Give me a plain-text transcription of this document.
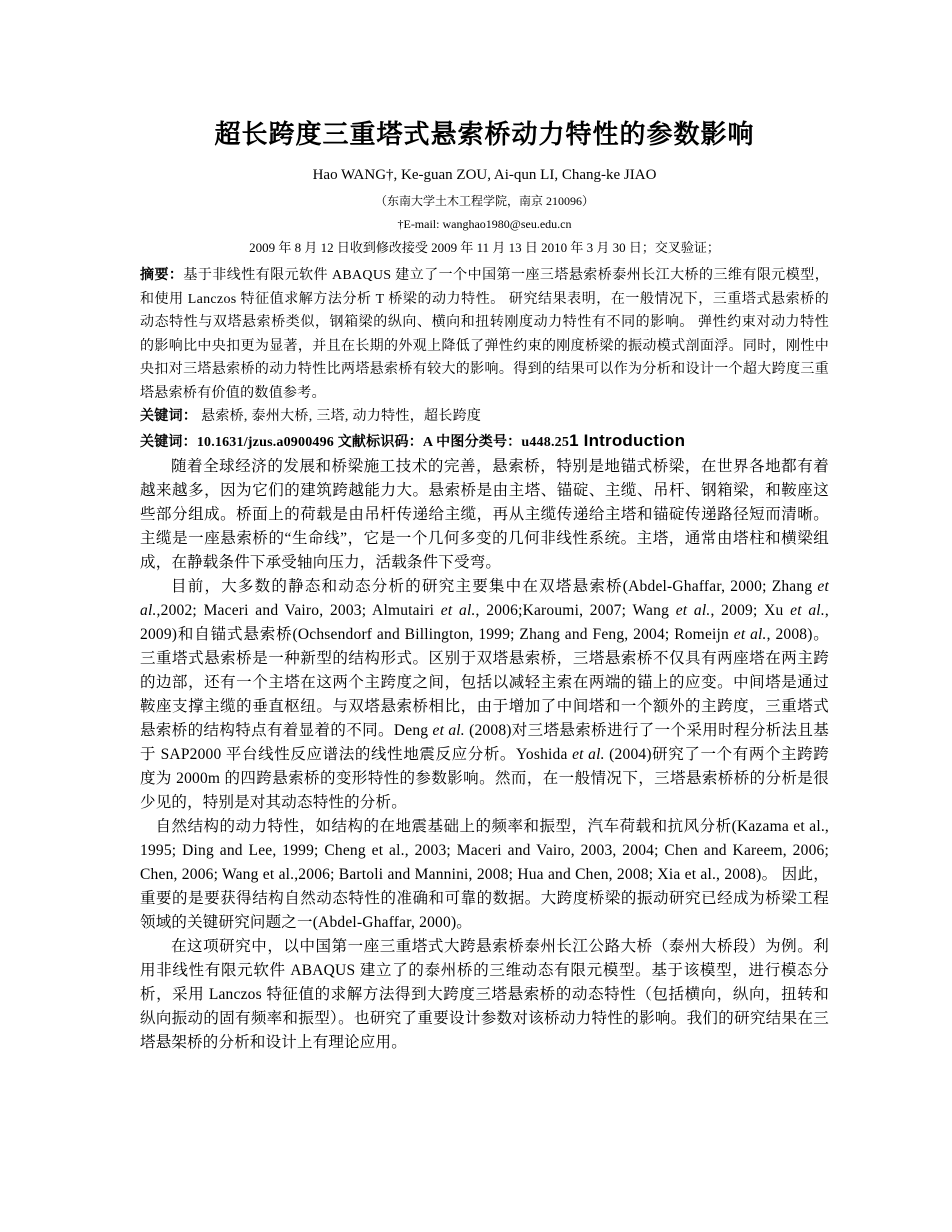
超长跨度三重塔式悬索桥动力特性的参数影响
Hao WANG†, Ke-guan ZOU, Ai-qun LI, Chang-ke JIAO
（东南大学土木工程学院，南京 210096）
†E-mail: wanghao1980@seu.edu.cn
2009 年 8 月 12 日收到修改接受 2009 年 11 月 13 日 2010 年 3 月 30 日；交叉验证；

摘要：基于非线性有限元软件 ABAQUS 建立了一个中国第一座三塔悬索桥泰州长江大桥的三维有限元模型，和使用 Lanczos 特征值求解方法分析 T 桥梁的动力特性。 研究结果表明，在一般情况下，三重塔式悬索桥的动态特性与双塔悬索桥类似，钢箱梁的纵向、横向和扭转刚度动力特性有不同的影响。 弹性约束对动力特性的影响比中央扣更为显著，并且在长期的外观上降低了弹性约束的刚度桥梁的振动模式剖面浮。同时，刚性中央扣对三塔悬索桥的动力特性比两塔悬索桥有较大的影响。得到的结果可以作为分析和设计一个超大跨度三重塔悬索桥有价值的数值参考。

关键词： 悬索桥, 泰州大桥, 三塔, 动力特性，超长跨度

关键词：10.1631/jzus.a0900496 文献标识码：A 中图分类号：u448.251 Introduction

随着全球经济的发展和桥梁施工技术的完善，悬索桥，特别是地锚式桥梁，在世界各地都有着越来越多，因为它们的建筑跨越能力大。悬索桥是由主塔、锚碇、主缆、吊杆、钢箱梁，和鞍座这些部分组成。桥面上的荷载是由吊杆传递给主缆，再从主缆传递给主塔和锚碇传递路径短而清晰。主缆是一座悬索桥的“生命线”，它是一个几何多变的几何非线性系统。主塔，通常由塔柱和横梁组成，在静载条件下承受轴向压力，活载条件下受弯。

目前，大多数的静态和动态分析的研究主要集中在双塔悬索桥(Abdel-Ghaffar, 2000; Zhang et al.,2002; Maceri and Vairo, 2003; Almutairi et al., 2006;Karoumi, 2007; Wang et al., 2009; Xu et al., 2009)和自锚式悬索桥(Ochsendorf and Billington, 1999; Zhang and Feng, 2004; Romeijn et al., 2008)。三重塔式悬索桥是一种新型的结构形式。区别于双塔悬索桥，三塔悬索桥不仅具有两座塔在两主跨的边部，还有一个主塔在这两个主跨度之间，包括以减轻主索在两端的锚上的应变。中间塔是通过鞍座支撑主缆的垂直枢纽。与双塔悬索桥相比，由于增加了中间塔和一个额外的主跨度，三重塔式悬索桥的结构特点有着显着的不同。Deng et al. (2008)对三塔悬索桥进行了一个采用时程分析法且基于 SAP2000 平台线性反应谱法的线性地震反应分析。Yoshida et al. (2004)研究了一个有两个主跨跨度为 2000m 的四跨悬索桥的变形特性的参数影响。然而，在一般情况下，三塔悬索桥桥的分析是很少见的，特别是对其动态特性的分析。

自然结构的动力特性，如结构的在地震基础上的频率和振型，汽车荷载和抗风分析(Kazama et al., 1995; Ding and Lee, 1999; Cheng et al., 2003; Maceri and Vairo, 2003, 2004; Chen and Kareem, 2006; Chen, 2006; Wang et al.,2006; Bartoli and Mannini, 2008; Hua and Chen, 2008; Xia et al., 2008)。 因此，重要的是要获得结构自然动态特性的准确和可靠的数据。大跨度桥梁的振动研究已经成为桥梁工程领域的关键研究问题之一(Abdel-Ghaffar, 2000)。

在这项研究中，以中国第一座三重塔式大跨悬索桥泰州长江公路大桥（泰州大桥段）为例。利用非线性有限元软件 ABAQUS 建立了的泰州桥的三维动态有限元模型。基于该模型，进行模态分析，采用 Lanczos 特征值的求解方法得到大跨度三塔悬索桥的动态特性（包括横向，纵向，扭转和纵向振动的固有频率和振型）。也研究了重要设计参数对该桥动力特性的影响。我们的研究结果在三塔悬架桥的分析和设计上有理论应用。
